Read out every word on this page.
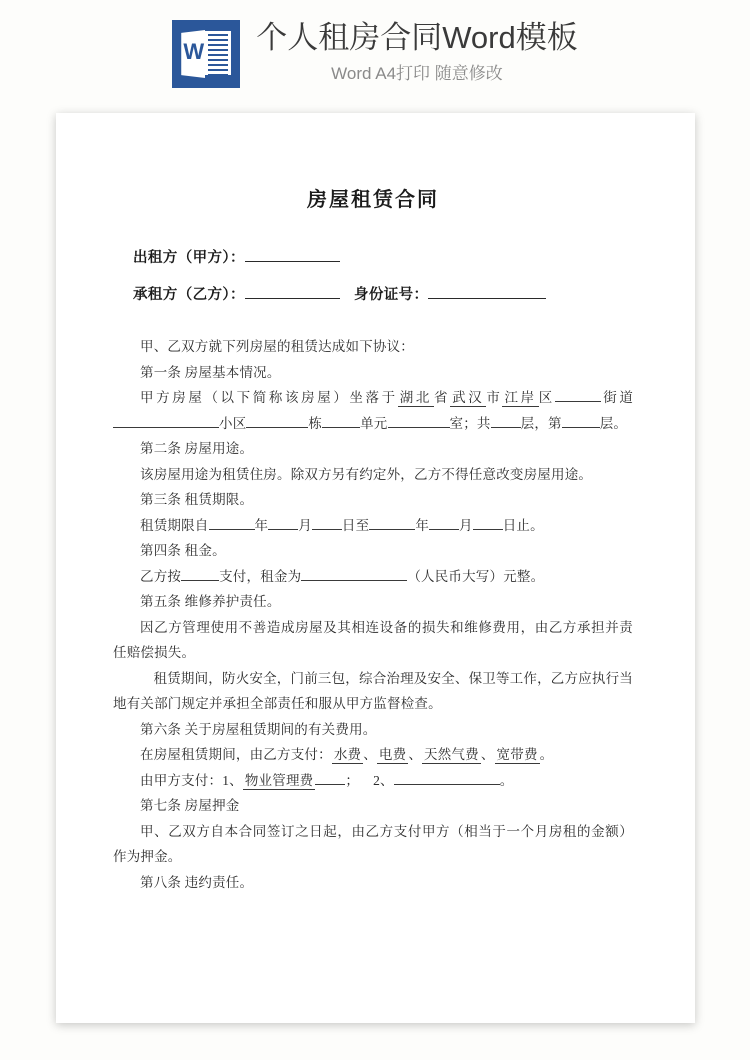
W 个人租房合同Word模板
Word A4打印 随意修改
房屋租赁合同

出租方（甲方）：

承租方（乙方）：	身份证号：

甲、乙双方就下列房屋的租赁达成如下协议：

第一条 房屋基本情况。

甲方房屋（以下简称该房屋）坐落于 湖北 省 武汉 市 江岸 区	街道小区	栋	单元	室；共 层，第	层。

第二条 房屋用途。

该房屋用途为租赁住房。除双方另有约定外，乙方不得任意改变房屋用途。

第三条 租赁期限。

租赁期限自	年 月 日至	年 月 日止。

第四条 租金。

乙方按	支付，租金为	（人民币大写）元整。

第五条 维修养护责任。

因乙方管理使用不善造成房屋及其相连设备的损失和维修费用，由乙方承担并责任赔偿损失。

租赁期间，防火安全，门前三包，综合治理及安全、保卫等工作，乙方应执行当地有关部门规定并承担全部责任和服从甲方监督检查。

第六条 关于房屋租赁期间的有关费用。

在房屋租赁期间，由乙方支付： 水费 、 电费 、 天然气费 、 宽带费 。

由甲方支付：1、 物业管理费 ； 2、	。

第七条 房屋押金

甲、乙双方自本合同签订之日起，由乙方支付甲方（相当于一个月房租的金额）作为押金。

第八条 违约责任。
